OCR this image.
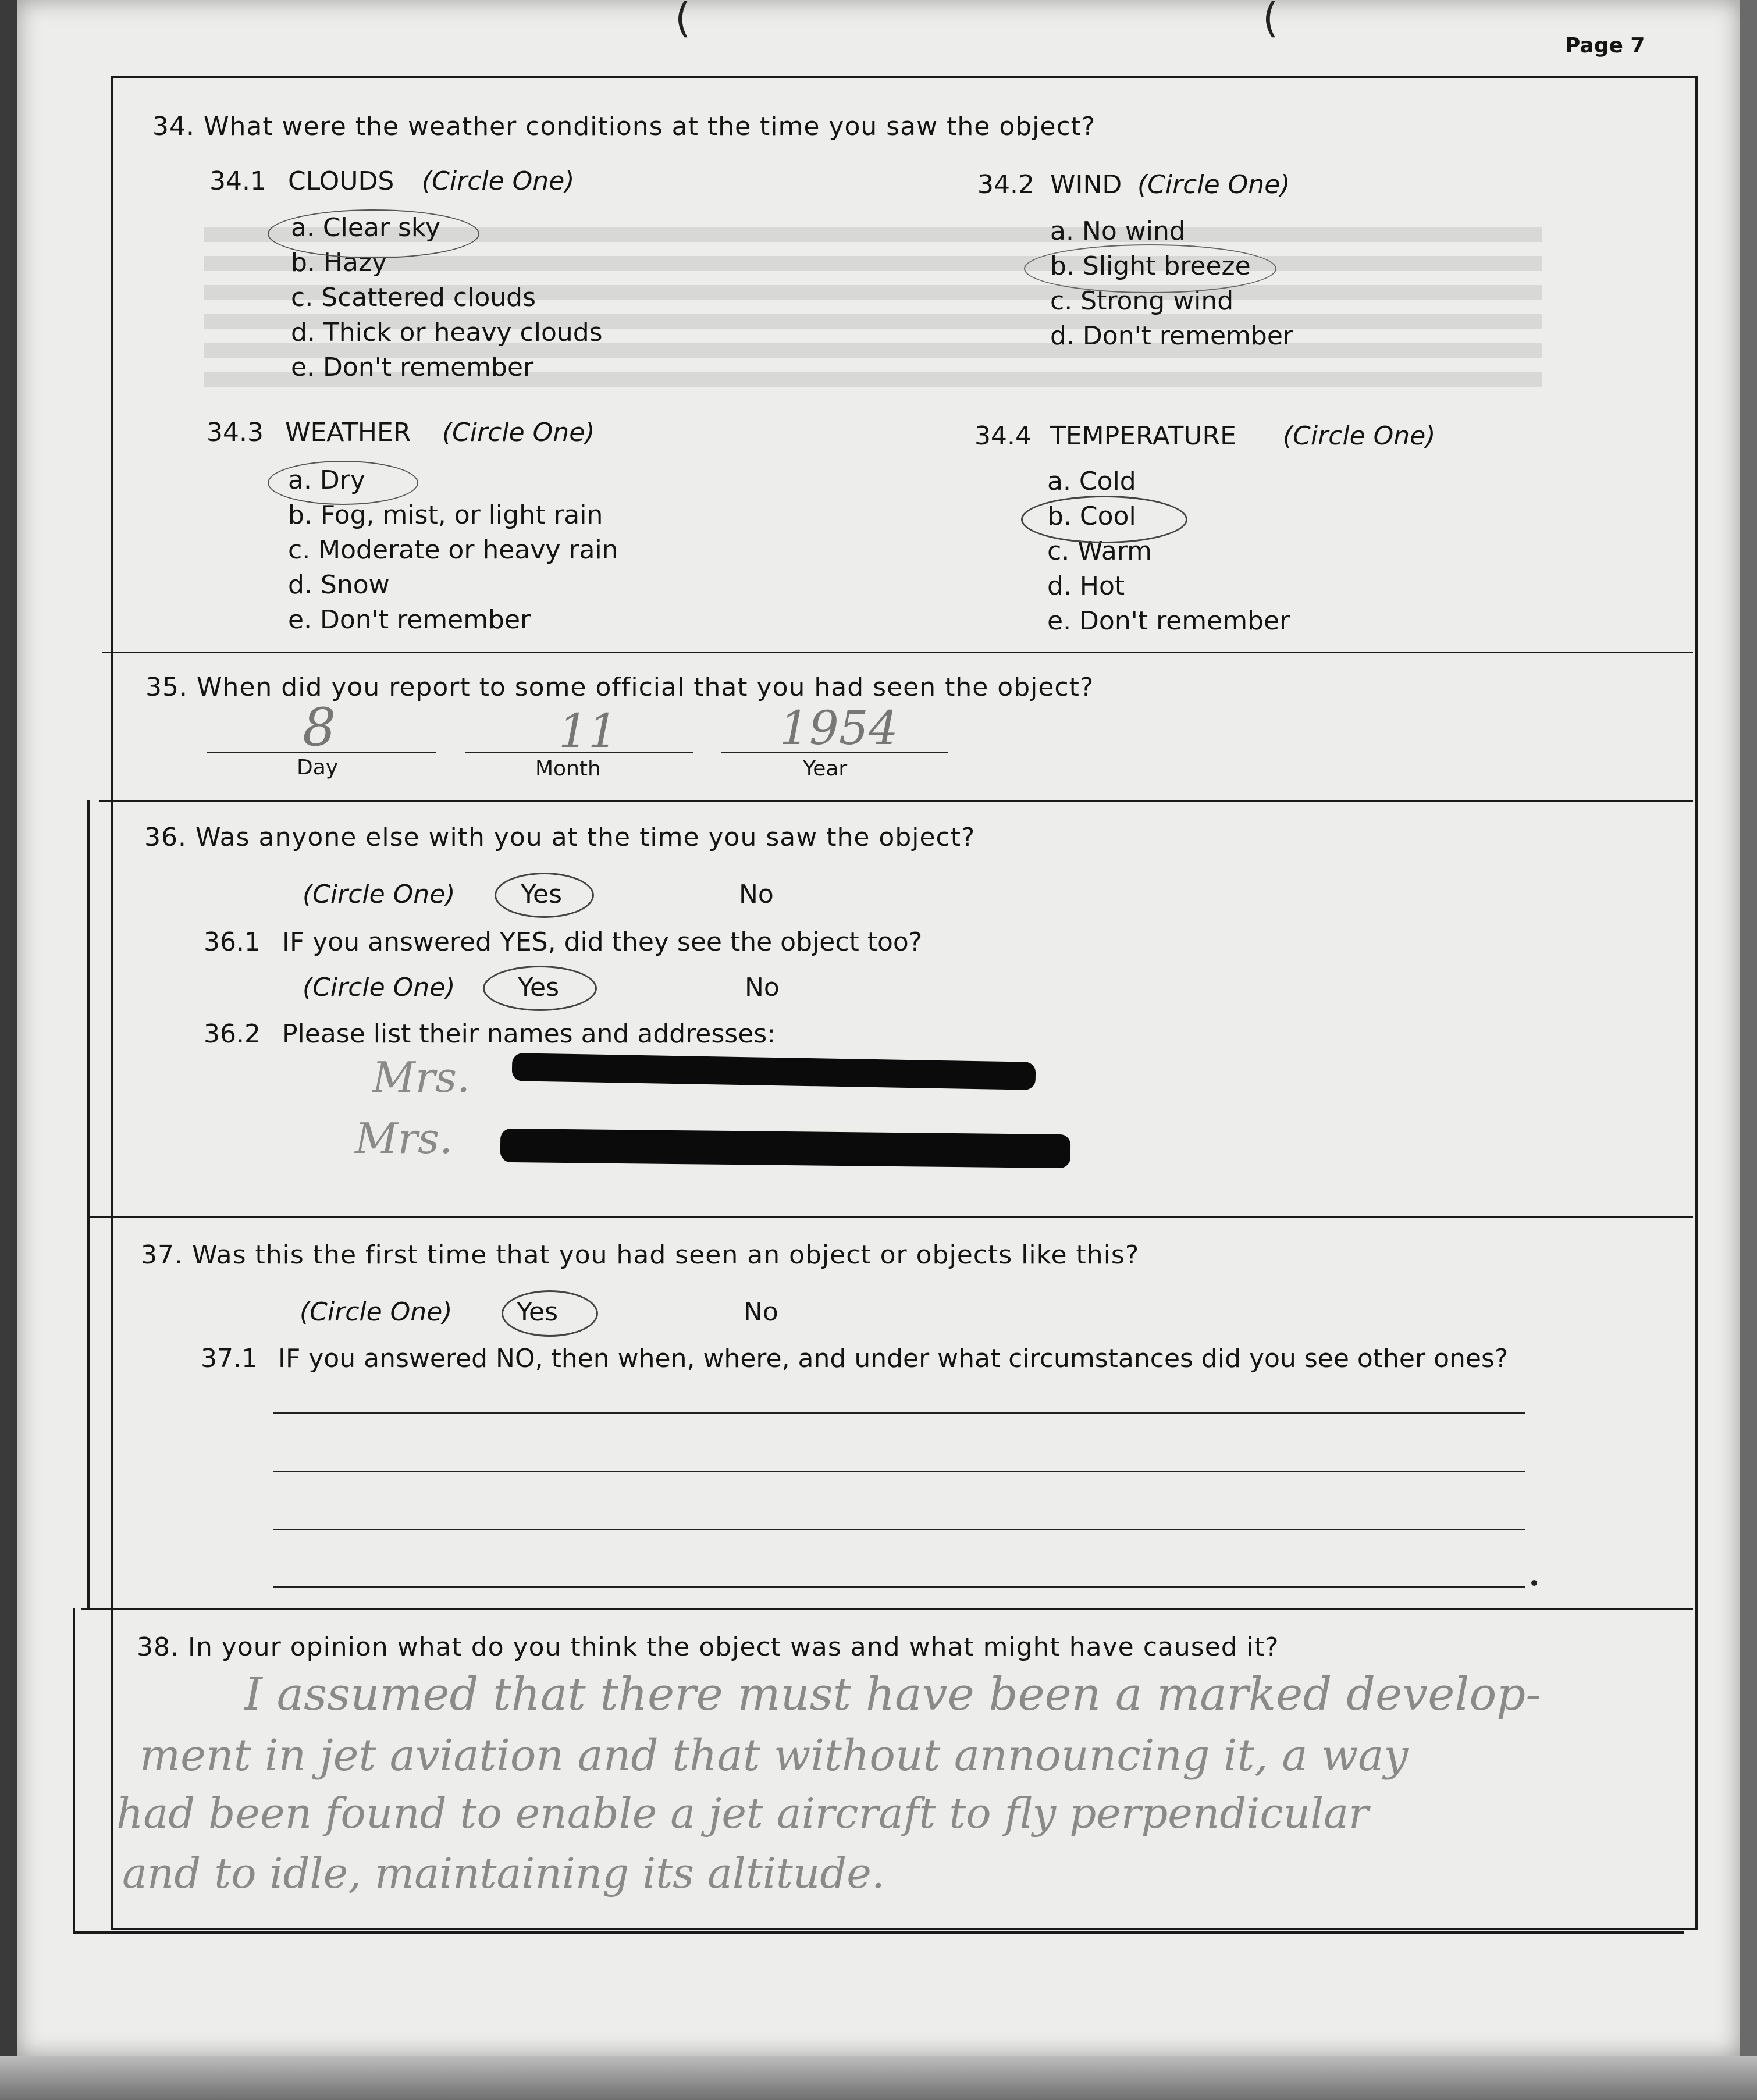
(	(
Page 7
34. What were the weather conditions at the time you saw the object?
34.1 CLOUDS (Circle One)
a. Clear sky
b. Hazy
c. Scattered clouds
d. Thick or heavy clouds
e. Don't remember
34.2 WIND (Circle One)
a. No wind
b. Slight breeze
c. Strong wind
d. Don't remember
34.3 WEATHER (Circle One)
a. Dry
b. Fog, mist, or light rain
c. Moderate or heavy rain
d. Snow
e. Don't remember
34.4 TEMPERATURE (Circle One)
a. Cold
b. Cool
c. Warm
d. Hot
e. Don't remember
35. When did you report to some official that you had seen the object?
8	11	1954
Day	Month	Year
36. Was anyone else with you at the time you saw the object?
(Circle One)	Yes	No
36.1 IF you answered YES, did they see the object too?
(Circle One) Yes	No
36.2 Please list their names and addresses:
Mrs.
Mrs.
37. Was this the first time that you had seen an object or objects like this?
(Circle One)	Yes	No
37.1 IF you answered NO, then when, where, and under what circumstances did you see other ones?
38. In your opinion what do you think the object was and what might have caused it?
I assumed that there must have been a marked develop-
ment in jet aviation and that without announcing it, a way
had been found to enable a jet aircraft to fly perpendicular
and to idle, maintaining its altitude.
